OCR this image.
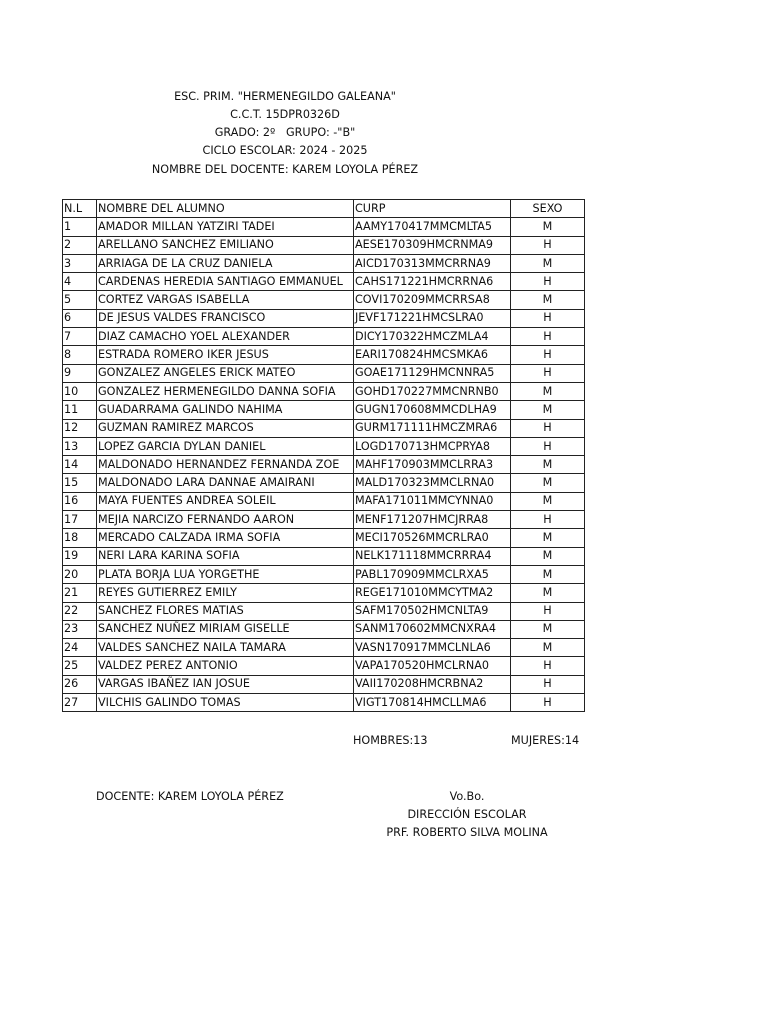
ESC. PRIM. "HERMENEGILDO GALEANA"
C.C.T. 15DPR0326D
GRADO: 2º   GRUPO: -"B"
CICLO ESCOLAR: 2024 - 2025
NOMBRE DEL DOCENTE: KAREM LOYOLA PÉREZ
N.L	NOMBRE DEL ALUMNO	CURP	SEXO
1	AMADOR MILLAN YATZIRI TADEI	AAMY170417MMCMLTA5	M
2	ARELLANO SANCHEZ EMILIANO	AESE170309HMCRNMA9	H
3	ARRIAGA DE LA CRUZ DANIELA	AICD170313MMCRRNA9	M
4	CARDENAS HEREDIA SANTIAGO EMMANUEL	CAHS171221HMCRRNA6	H
5	CORTEZ VARGAS ISABELLA	COVI170209MMCRRSA8	M
6	DE JESUS VALDES FRANCISCO	JEVF171221HMCSLRA0	H
7	DIAZ CAMACHO YOEL ALEXANDER	DICY170322HMCZMLA4	H
8	ESTRADA ROMERO IKER JESUS	EARI170824HMCSMKA6	H
9	GONZALEZ ANGELES ERICK MATEO	GOAE171129HMCNNRA5	H
10	GONZALEZ HERMENEGILDO DANNA SOFIA	GOHD170227MMCNRNB0	M
11	GUADARRAMA GALINDO NAHIMA	GUGN170608MMCDLHA9	M
12	GUZMAN RAMIREZ MARCOS	GURM171111HMCZMRA6	H
13	LOPEZ GARCIA DYLAN DANIEL	LOGD170713HMCPRYA8	H
14	MALDONADO HERNANDEZ FERNANDA ZOE	MAHF170903MMCLRRA3	M
15	MALDONADO LARA DANNAE AMAIRANI	MALD170323MMCLRNA0	M
16	MAYA FUENTES ANDREA SOLEIL	MAFA171011MMCYNNA0	M
17	MEJIA NARCIZO FERNANDO AARON	MENF171207HMCJRRA8	H
18	MERCADO CALZADA IRMA SOFIA	MECI170526MMCRLRA0	M
19	NERI LARA KARINA SOFIA	NELK171118MMCRRRA4	M
20	PLATA BORJA LUA YORGETHE	PABL170909MMCLRXA5	M
21	REYES GUTIERREZ EMILY	REGE171010MMCYTMA2	M
22	SANCHEZ FLORES MATIAS	SAFM170502HMCNLTA9	H
23	SANCHEZ NUÑEZ MIRIAM GISELLE	SANM170602MMCNXRA4	M
24	VALDES SANCHEZ NAILA TAMARA	VASN170917MMCLNLA6	M
25	VALDEZ PEREZ ANTONIO	VAPA170520HMCLRNA0	H
26	VARGAS IBAÑEZ IAN JOSUE	VAII170208HMCRBNA2	H
27	VILCHIS GALINDO TOMAS	VIGT170814HMCLLMA6	H
HOMBRES:13	MUJERES:14
DOCENTE: KAREM LOYOLA PÉREZ	Vo.Bo.
DIRECCIÓN ESCOLAR
PRF. ROBERTO SILVA MOLINA
